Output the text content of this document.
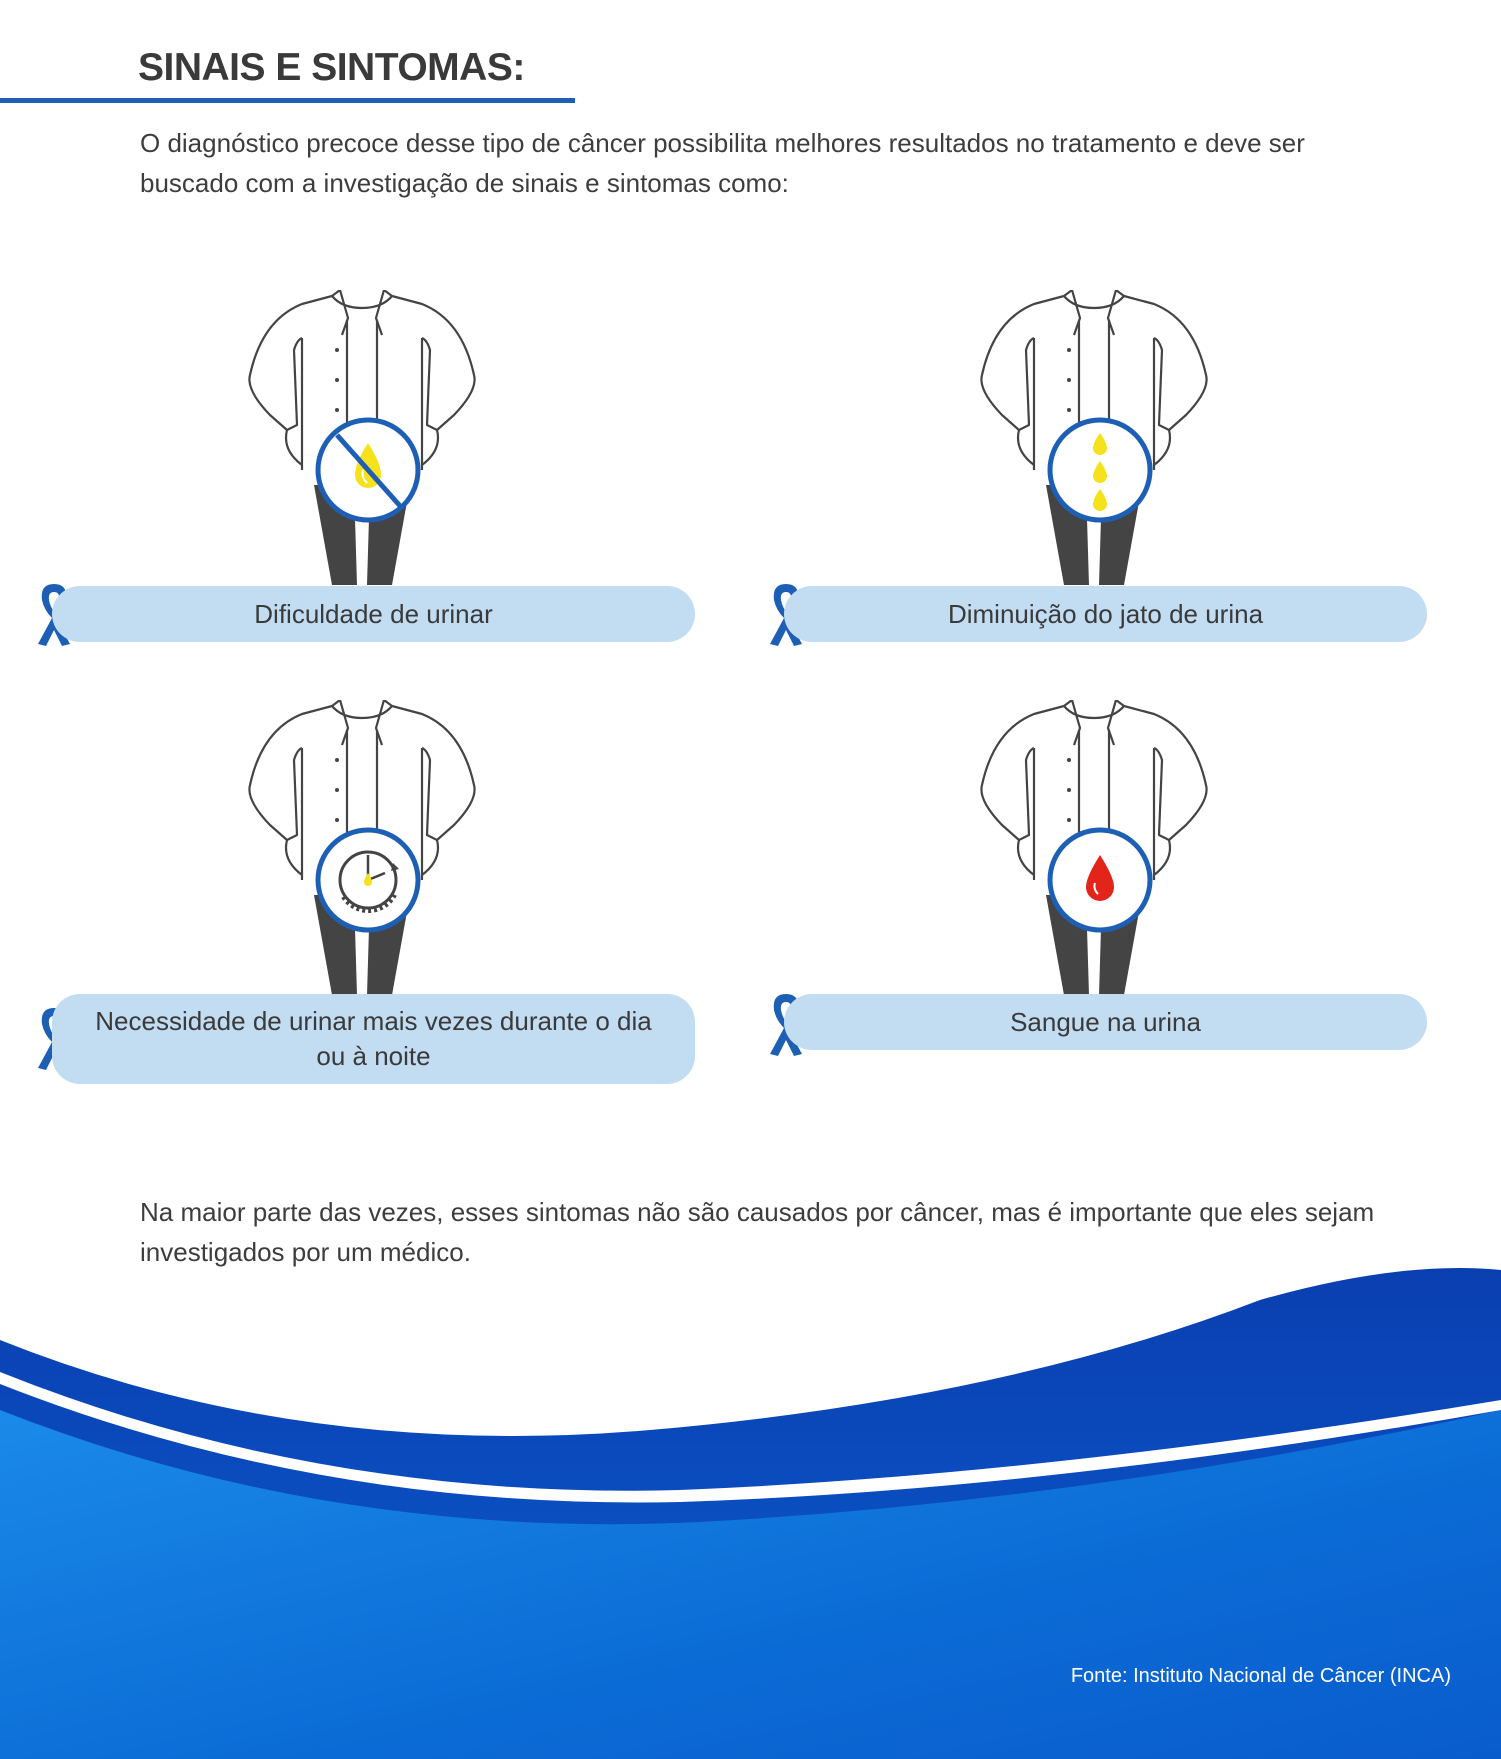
SINAIS E SINTOMAS:

O diagnóstico precoce desse tipo de câncer possibilita melhores resultados no tratamento e deve ser buscado com a investigação de sinais e sintomas como:

Dificuldade de urinar	Diminuição do jato de urina
Necessidade de urinar mais vezes durante o dia ou à noite
Sangue na urina

Na maior parte das vezes, esses sintomas não são causados por câncer, mas é importante que eles sejam investigados por um médico.

Fonte: Instituto Nacional de Câncer (INCA)
